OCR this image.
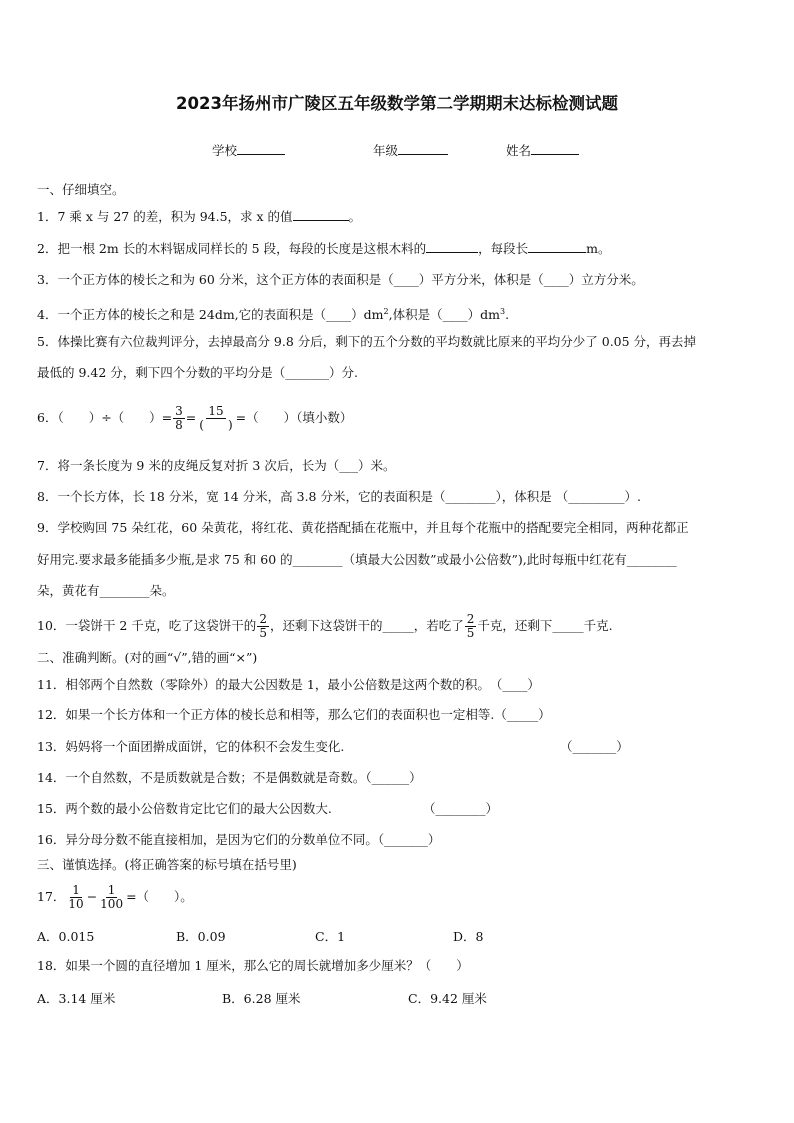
2023年扬州市广陵区五年级数学第二学期期末达标检测试题
学校	年级	姓名
一、仔细填空。
1．7 乘 x 与 27 的差，积为 94.5，求 x 的值	。
2．把一根 2m 长的木料锯成同样长的 5 段，每段的长度是这根木料的	，每段长	m。
3．一个正方体的棱长之和为 60 分米，这个正方体的表面积是（____）平方分米，体积是（____）立方分米。
4．一个正方体的棱长之和是 24dm,它的表面积是$(\_\_\_\_)dm^2$,体积是$(\_\_\_\_)dm^3$.
5．体操比赛有六位裁判评分，去掉最高分 9.8 分后，剩下的五个分数的平均数就比原来的平均分少了 0.05 分，再去掉
最低的 9.42 分，剩下四个分数的平均分是（_______）分.
6．（　　）÷（　　）= $\frac{3}{8} = \frac{15}{( )}$ =（　　）（填小数）
7．将一条长度为 9 米的皮绳反复对折 3 次后，长为（___）米。
8．一个长方体，长 18 分米，宽 14 分米，高 3.8 分米，它的表面积是（________），体积是 （_________）.
9．学校购回 75 朵红花，60 朵黄花，将红花、黄花搭配插在花瓶中，并且每个花瓶中的搭配要完全相同，两种花都正
好用完.要求最多能插多少瓶,是求 75 和 60 的________（填最大公因数”或最小公倍数”),此时每瓶中红花有________
朵，黄花有________朵。
10．一袋饼干 2 千克，吃了这袋饼干的 $\frac{2}{5}$ ，还剩下这袋饼干的_____，若吃了 $\frac{2}{5}$ 千克，还剩下_____千克.
二、准确判断。(对的画“√”,错的画“×”)
11．相邻两个自然数（零除外）的最大公因数是 1，最小公倍数是这两个数的积。　（____）
12．如果一个长方体和一个正方体的棱长总和相等，那么它们的表面积也一定相等.（_____）
13．妈妈将一个面团擀成面饼，它的体积不会发生变化.	（_______）
14．一个自然数，不是质数就是合数；不是偶数就是奇数。（______）
15．两个数的最小公倍数肯定比它们的最大公因数大.	（________）
16．异分母分数不能直接相加，是因为它们的分数单位不同。（_______）
三、谨慎选择。(将正确答案的标号填在括号里)
17． $\frac{1}{10} - \frac{1}{100}$ =（　　）。
A．0.015	B．0.09	C．1	D．8
18．如果一个圆的直径增加 1 厘米，那么它的周长就增加多少厘米？（　　）
A．3.14 厘米	B．6.28 厘米	C．9.42 厘米
